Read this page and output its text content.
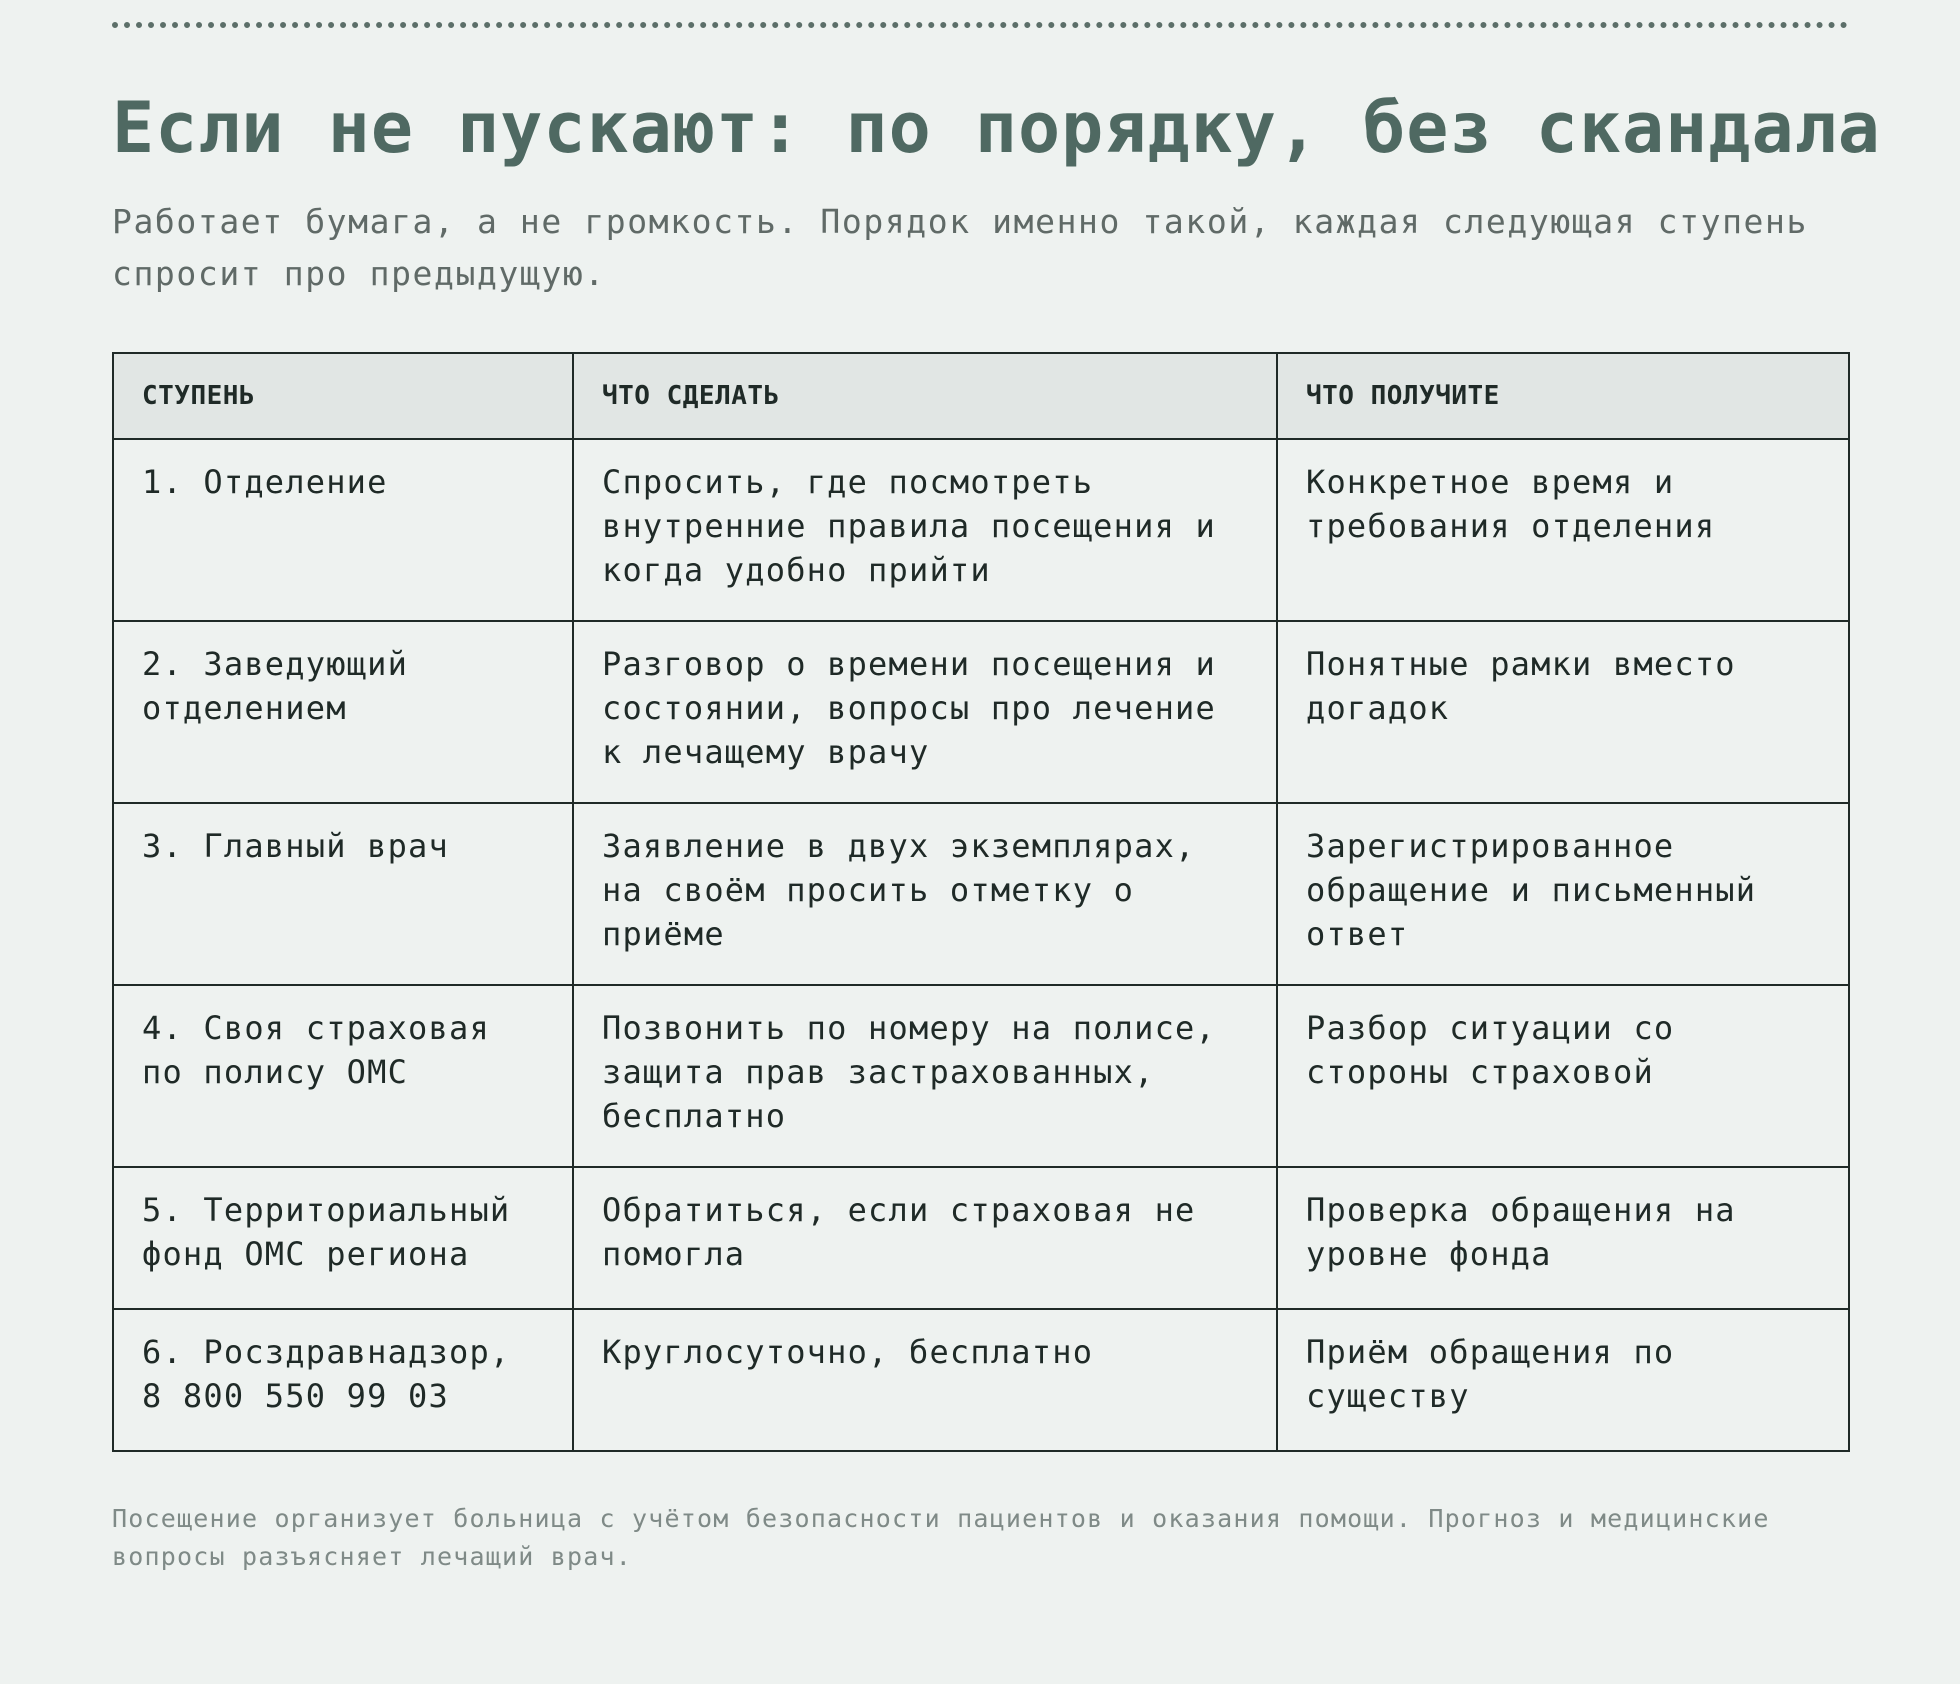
Если не пускают: по порядку, без скандала

Работает бумага, а не громкость. Порядок именно такой, каждая следующая ступень спросит про предыдущую.

СТУПЕНЬ	ЧТО СДЕЛАТЬ	ЧТО ПОЛУЧИТЕ
1. Отделение	Спросить, где посмотреть внутренние правила посещения и когда удобно прийти	Конкретное время и требования отделения
2. Заведующий отделением	Разговор о времени посещения и состоянии, вопросы про лечение к лечащему врачу	Понятные рамки вместо догадок
3. Главный врач	Заявление в двух экземплярах, на своём просить отметку о приёме	Зарегистрированное обращение и письменный ответ
4. Своя страховая по полису ОМС	Позвонить по номеру на полисе, защита прав застрахованных, бесплатно	Разбор ситуации со стороны страховой
5. Территориальный фонд ОМС региона	Обратиться, если страховая не помогла	Проверка обращения на уровне фонда
6. Росздравнадзор, 8 800 550 99 03	Круглосуточно, бесплатно	Приём обращения по существу

Посещение организует больница с учётом безопасности пациентов и оказания помощи. Прогноз и медицинские вопросы разъясняет лечащий врач.
